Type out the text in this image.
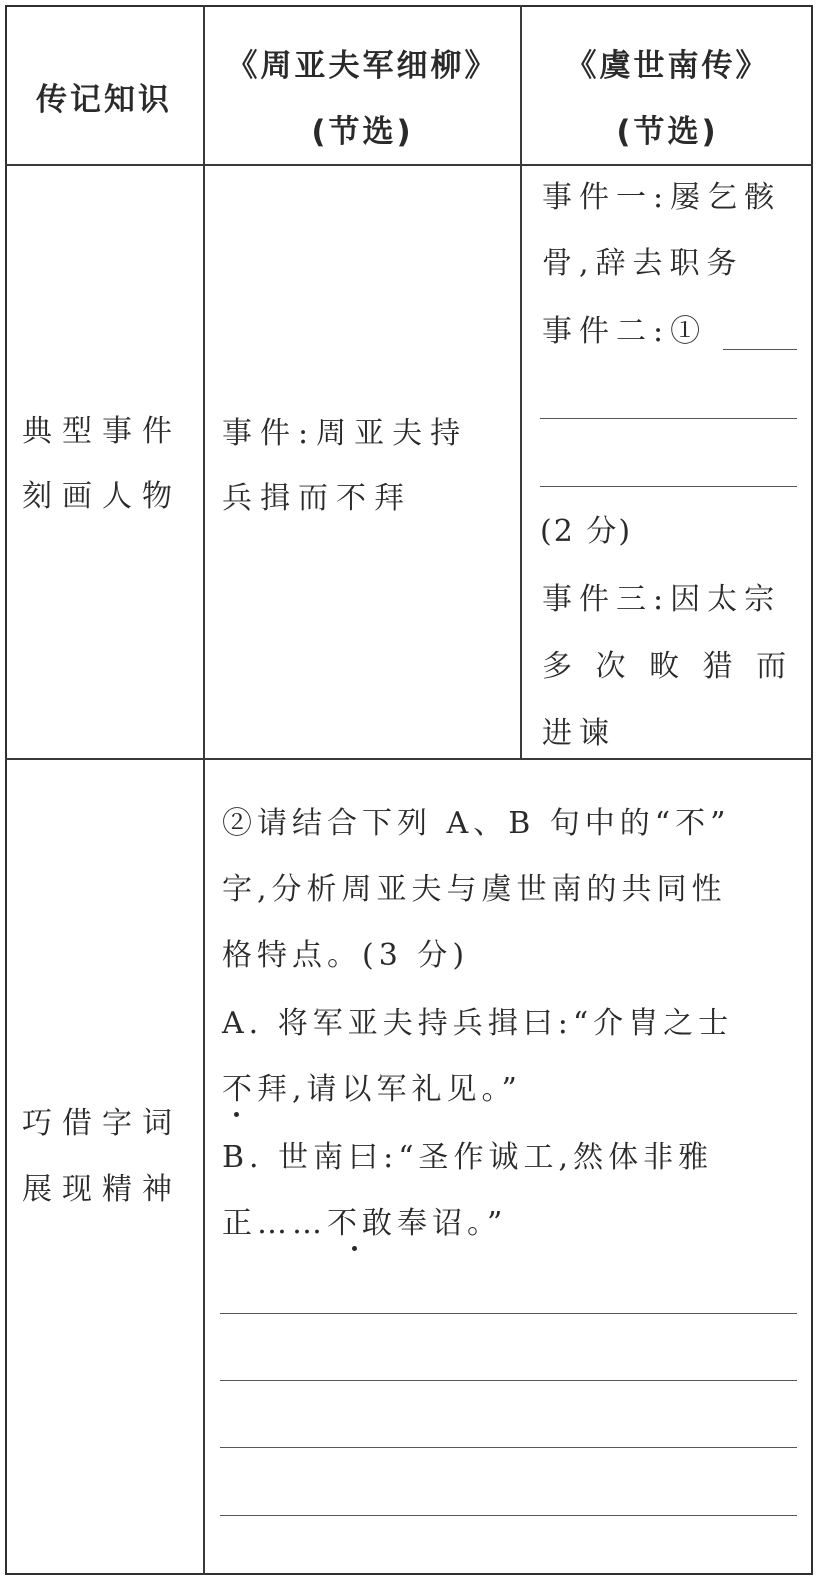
传记知识
《周亚夫军细柳》
(节选)
《虞世南传》
(节选)
典型事件
刻画人物
事件:周亚夫持
兵揖而不拜
事件一:屡乞骸
骨,辞去职务
事件二:①
(2 分)
事件三:因太宗
多 次 畋 猎 而
进谏
巧借字词
展现精神
②请结合下列 A、B 句中的“不”
字,分析周亚夫与虞世南的共同性
格特点。(3 分)
A. 将军亚夫持兵揖曰:“介胄之士
不拜,请以军礼见。”
B. 世南曰:“圣作诚工,然体非雅
正……不敢奉诏。”
